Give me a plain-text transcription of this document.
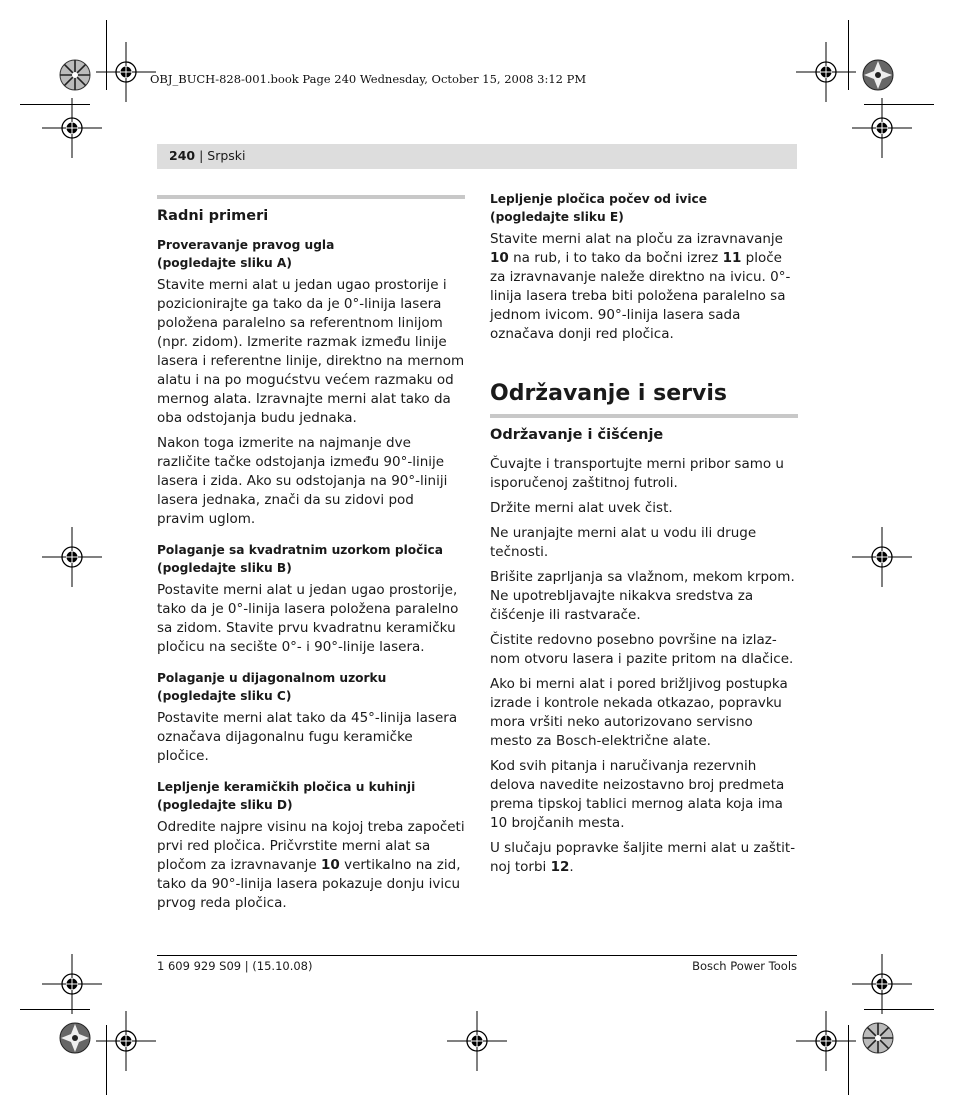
OBJ_BUCH-828-001.book Page 240 Wednesday, October 15, 2008 3:12 PM
240 | Srpski

Radni primeri

Proveravanje pravog ugla
(pogledajte sliku A)

Stavite merni alat u jedan ugao prostorije i pozicionirajte ga tako da je 0°-linija lasera položena paralelno sa referentnom linijom (npr. zidom). Izmerite razmak između linije lasera i referentne linije, direktno na mernom alatu i na po mogućstvu većem razmaku od mernog alata. Izravnajte merni alat tako da oba odstojanja budu jednaka.

Nakon toga izmerite na najmanje dve različite tačke odstojanja između 90°-linije lasera i zida. Ako su odstojanja na 90°-liniji lasera jednaka, znači da su zidovi pod pravim uglom.

Polaganje sa kvadratnim uzorkom pločica
(pogledajte sliku B)

Postavite merni alat u jedan ugao prostorije, tako da je 0°-linija lasera položena paralelno sa zidom. Stavite prvu kvadratnu keramičku pločicu na secište 0°- i 90°-linije lasera.

Polaganje u dijagonalnom uzorku
(pogledajte sliku C)

Postavite merni alat tako da 45°-linija lasera označava dijagonalnu fugu keramičke pločice.

Lepljenje keramičkih pločica u kuhinji
(pogledajte sliku D)

Odredite najpre visinu na kojoj treba započeti prvi red pločica. Pričvrstite merni alat sa pločom za izravnavanje 10 vertikalno na zid, tako da 90°-linija lasera pokazuje donju ivicu prvog reda pločica.

Lepljenje pločica počev od ivice
(pogledajte sliku E)

Stavite merni alat na ploču za izravnavanje 10 na rub, i to tako da bočni izrez 11 ploče za izravnavanje naleže direktno na ivicu. 0°-linija lasera treba biti položena paralelno sa jednom ivicom. 90°-linija lasera sada označava donji red pločica.

Održavanje i servis

Održavanje i čišćenje

Čuvajte i transportujte merni pribor samo u isporučenoj zaštitnoj futroli.

Držite merni alat uvek čist.

Ne uranjajte merni alat u vodu ili druge tečnosti.

Brišite zaprljanja sa vlažnom, mekom krpom. Ne upotrebljavajte nikakva sredstva za čišćenje ili rastvarače.

Čistite redovno posebno površine na izlaz-nom otvoru lasera i pazite pritom na dlačice.

Ako bi merni alat i pored brižljivog postupka izrade i kontrole nekada otkazao, popravku mora vršiti neko autorizovano servisno mesto za Bosch-električne alate.

Kod svih pitanja i naručivanja rezervnih delova navedite neizostavno broj predmeta prema tipskoj tablici mernog alata koja ima 10 brojčanih mesta.

U slučaju popravke šaljite merni alat u zaštit-noj torbi 12.

1 609 929 S09 | (15.10.08)	Bosch Power Tools
